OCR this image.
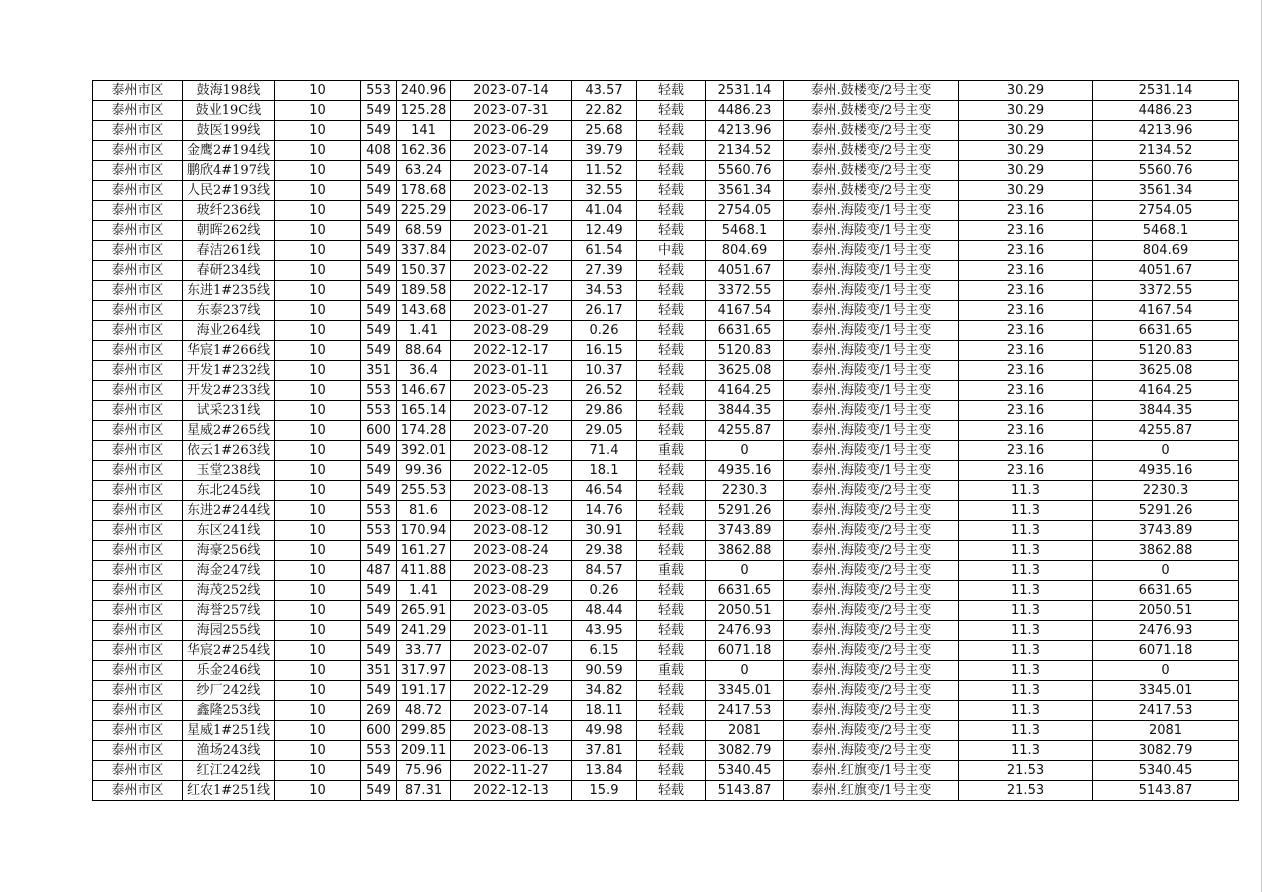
泰州市区	鼓海198线	10	553	240.96	2023-07-14	43.57	轻载	2531.14	泰州.鼓楼变/2号主变	30.29	2531.14
泰州市区	鼓业19C线	10	549	125.28	2023-07-31	22.82	轻载	4486.23	泰州.鼓楼变/2号主变	30.29	4486.23
泰州市区	鼓医199线	10	549	141	2023-06-29	25.68	轻载	4213.96	泰州.鼓楼变/2号主变	30.29	4213.96
泰州市区	金鹰2#194线	10	408	162.36	2023-07-14	39.79	轻载	2134.52	泰州.鼓楼变/2号主变	30.29	2134.52
泰州市区	鹏欣4#197线	10	549	63.24	2023-07-14	11.52	轻载	5560.76	泰州.鼓楼变/2号主变	30.29	5560.76
泰州市区	人民2#193线	10	549	178.68	2023-02-13	32.55	轻载	3561.34	泰州.鼓楼变/2号主变	30.29	3561.34
泰州市区	玻纤236线	10	549	225.29	2023-06-17	41.04	轻载	2754.05	泰州.海陵变/1号主变	23.16	2754.05
泰州市区	朝晖262线	10	549	68.59	2023-01-21	12.49	轻载	5468.1	泰州.海陵变/1号主变	23.16	5468.1
泰州市区	春洁261线	10	549	337.84	2023-02-07	61.54	中载	804.69	泰州.海陵变/1号主变	23.16	804.69
泰州市区	春研234线	10	549	150.37	2023-02-22	27.39	轻载	4051.67	泰州.海陵变/1号主变	23.16	4051.67
泰州市区	东进1#235线	10	549	189.58	2022-12-17	34.53	轻载	3372.55	泰州.海陵变/1号主变	23.16	3372.55
泰州市区	东泰237线	10	549	143.68	2023-01-27	26.17	轻载	4167.54	泰州.海陵变/1号主变	23.16	4167.54
泰州市区	海业264线	10	549	1.41	2023-08-29	0.26	轻载	6631.65	泰州.海陵变/1号主变	23.16	6631.65
泰州市区	华宸1#266线	10	549	88.64	2022-12-17	16.15	轻载	5120.83	泰州.海陵变/1号主变	23.16	5120.83
泰州市区	开发1#232线	10	351	36.4	2023-01-11	10.37	轻载	3625.08	泰州.海陵变/1号主变	23.16	3625.08
泰州市区	开发2#233线	10	553	146.67	2023-05-23	26.52	轻载	4164.25	泰州.海陵变/1号主变	23.16	4164.25
泰州市区	试采231线	10	553	165.14	2023-07-12	29.86	轻载	3844.35	泰州.海陵变/1号主变	23.16	3844.35
泰州市区	星威2#265线	10	600	174.28	2023-07-20	29.05	轻载	4255.87	泰州.海陵变/1号主变	23.16	4255.87
泰州市区	依云1#263线	10	549	392.01	2023-08-12	71.4	重载	0	泰州.海陵变/1号主变	23.16	0
泰州市区	玉堂238线	10	549	99.36	2022-12-05	18.1	轻载	4935.16	泰州.海陵变/1号主变	23.16	4935.16
泰州市区	东北245线	10	549	255.53	2023-08-13	46.54	轻载	2230.3	泰州.海陵变/2号主变	11.3	2230.3
泰州市区	东进2#244线	10	553	81.6	2023-08-12	14.76	轻载	5291.26	泰州.海陵变/2号主变	11.3	5291.26
泰州市区	东区241线	10	553	170.94	2023-08-12	30.91	轻载	3743.89	泰州.海陵变/2号主变	11.3	3743.89
泰州市区	海豪256线	10	549	161.27	2023-08-24	29.38	轻载	3862.88	泰州.海陵变/2号主变	11.3	3862.88
泰州市区	海金247线	10	487	411.88	2023-08-23	84.57	重载	0	泰州.海陵变/2号主变	11.3	0
泰州市区	海茂252线	10	549	1.41	2023-08-29	0.26	轻载	6631.65	泰州.海陵变/2号主变	11.3	6631.65
泰州市区	海誉257线	10	549	265.91	2023-03-05	48.44	轻载	2050.51	泰州.海陵变/2号主变	11.3	2050.51
泰州市区	海园255线	10	549	241.29	2023-01-11	43.95	轻载	2476.93	泰州.海陵变/2号主变	11.3	2476.93
泰州市区	华宸2#254线	10	549	33.77	2023-02-07	6.15	轻载	6071.18	泰州.海陵变/2号主变	11.3	6071.18
泰州市区	乐金246线	10	351	317.97	2023-08-13	90.59	重载	0	泰州.海陵变/2号主变	11.3	0
泰州市区	纱厂242线	10	549	191.17	2022-12-29	34.82	轻载	3345.01	泰州.海陵变/2号主变	11.3	3345.01
泰州市区	鑫隆253线	10	269	48.72	2023-07-14	18.11	轻载	2417.53	泰州.海陵变/2号主变	11.3	2417.53
泰州市区	星威1#251线	10	600	299.85	2023-08-13	49.98	轻载	2081	泰州.海陵变/2号主变	11.3	2081
泰州市区	渔场243线	10	553	209.11	2023-06-13	37.81	轻载	3082.79	泰州.海陵变/2号主变	11.3	3082.79
泰州市区	红江242线	10	549	75.96	2022-11-27	13.84	轻载	5340.45	泰州.红旗变/1号主变	21.53	5340.45
泰州市区	红农1#251线	10	549	87.31	2022-12-13	15.9	轻载	5143.87	泰州.红旗变/1号主变	21.53	5143.87
